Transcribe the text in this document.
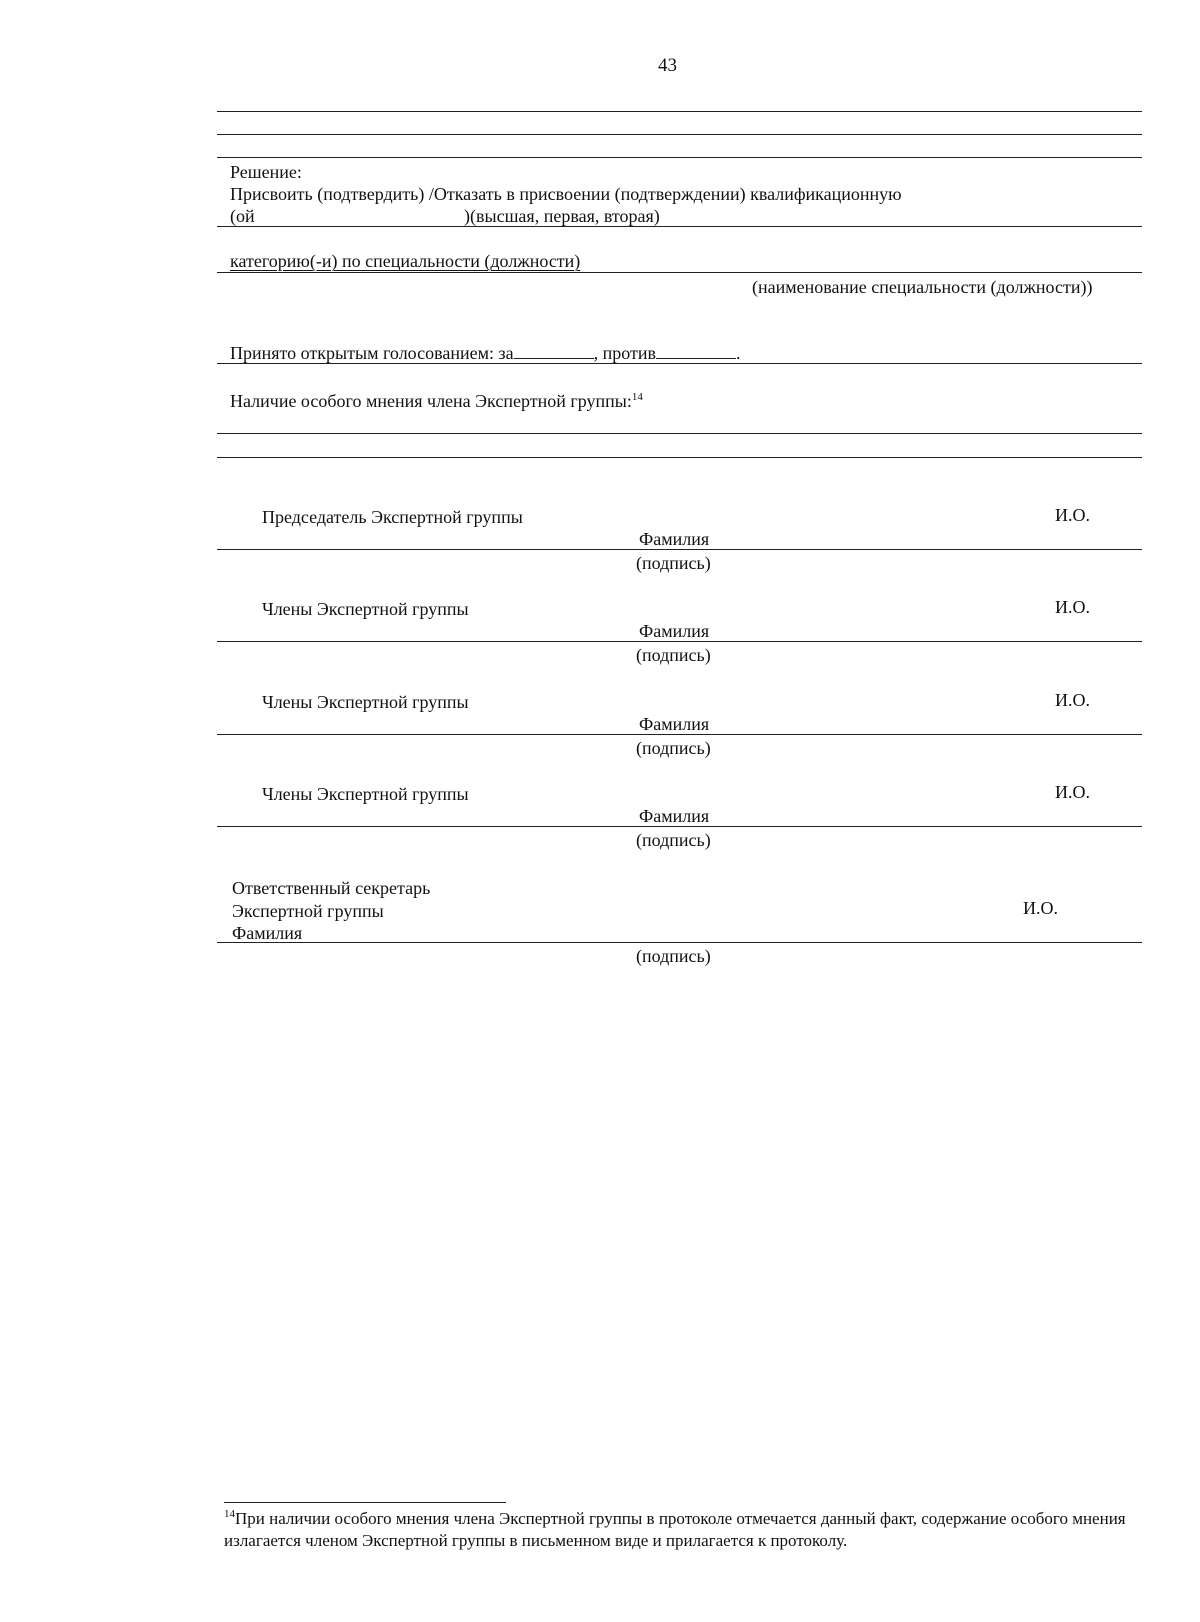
43
Решение:
Присвоить (подтвердить) /Отказать в присвоении (подтверждении) квалификационную
(ой	)(высшая, первая, вторая)
категорию(-и) по специальности (должности)
(наименование специальности (должности))
Принято открытым голосованием: за	, против	.
Наличие особого мнения члена Экспертной группы:$^{14}$
Председатель Экспертной группы	И.О.
Фамилия
(подпись)
Члены Экспертной группы	И.О.
Фамилия
(подпись)
Члены Экспертной группы	И.О.
Фамилия
(подпись)
Члены Экспертной группы	И.О.
Фамилия
(подпись)
Ответственный секретарь
Экспертной группы	И.О.
Фамилия
(подпись)
$^{14}$При наличии особого мнения члена Экспертной группы в протоколе отмечается данный факт, содержание особого мнения излагается членом Экспертной группы в письменном виде и прилагается к протоколу.
